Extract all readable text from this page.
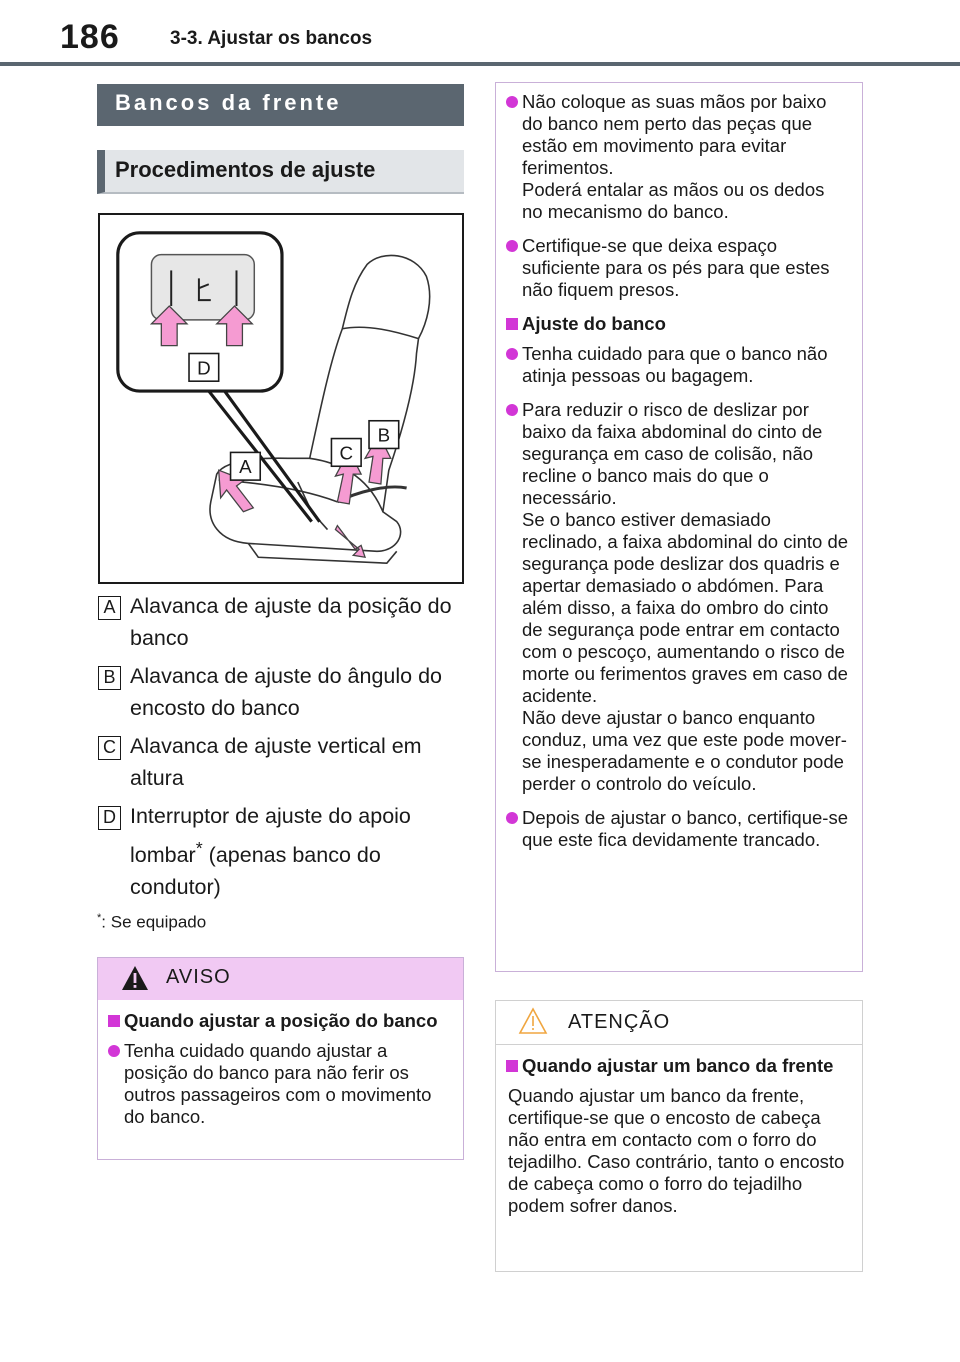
186	3-3. Ajustar os bancos
Bancos da frente
Procedimentos de ajuste
D
C
B
A
A Alavanca de ajuste da posição do banco
B Alavanca de ajuste do ângulo do encosto do banco
C Alavanca de ajuste vertical em altura
D Interruptor de ajuste do apoio lombar* (apenas banco do condutor)
*: Se equipado
AVISO
Quando ajustar a posição do banco
Tenha cuidado quando ajustar a posição do banco para não ferir os outros passageiros com o movimento do banco.
Não coloque as suas mãos por baixo do banco nem perto das peças que estão em movimento para evitar ferimentos.
Poderá entalar as mãos ou os dedos no mecanismo do banco.
Certifique-se que deixa espaço suficiente para os pés para que estes não fiquem presos.
Ajuste do banco
Tenha cuidado para que o banco não atinja pessoas ou bagagem.
Para reduzir o risco de deslizar por baixo da faixa abdominal do cinto de segurança em caso de colisão, não recline o banco mais do que o necessário.
Se o banco estiver demasiado reclinado, a faixa abdominal do cinto de segurança pode deslizar dos quadris e apertar demasiado o abdómen. Para além disso, a faixa do ombro do cinto de segurança pode entrar em contacto com o pescoço, aumentando o risco de morte ou ferimentos graves em caso de acidente.
Não deve ajustar o banco enquanto conduz, uma vez que este pode mover-se inesperadamente e o condutor pode perder o controlo do veículo.
Depois de ajustar o banco, certifique-se que este fica devidamente trancado.
ATENÇÃO
Quando ajustar um banco da frente
Quando ajustar um banco da frente, certifique-se que o encosto de cabeça não entra em contacto com o forro do tejadilho. Caso contrário, tanto o encosto de cabeça como o forro do tejadilho podem sofrer danos.
